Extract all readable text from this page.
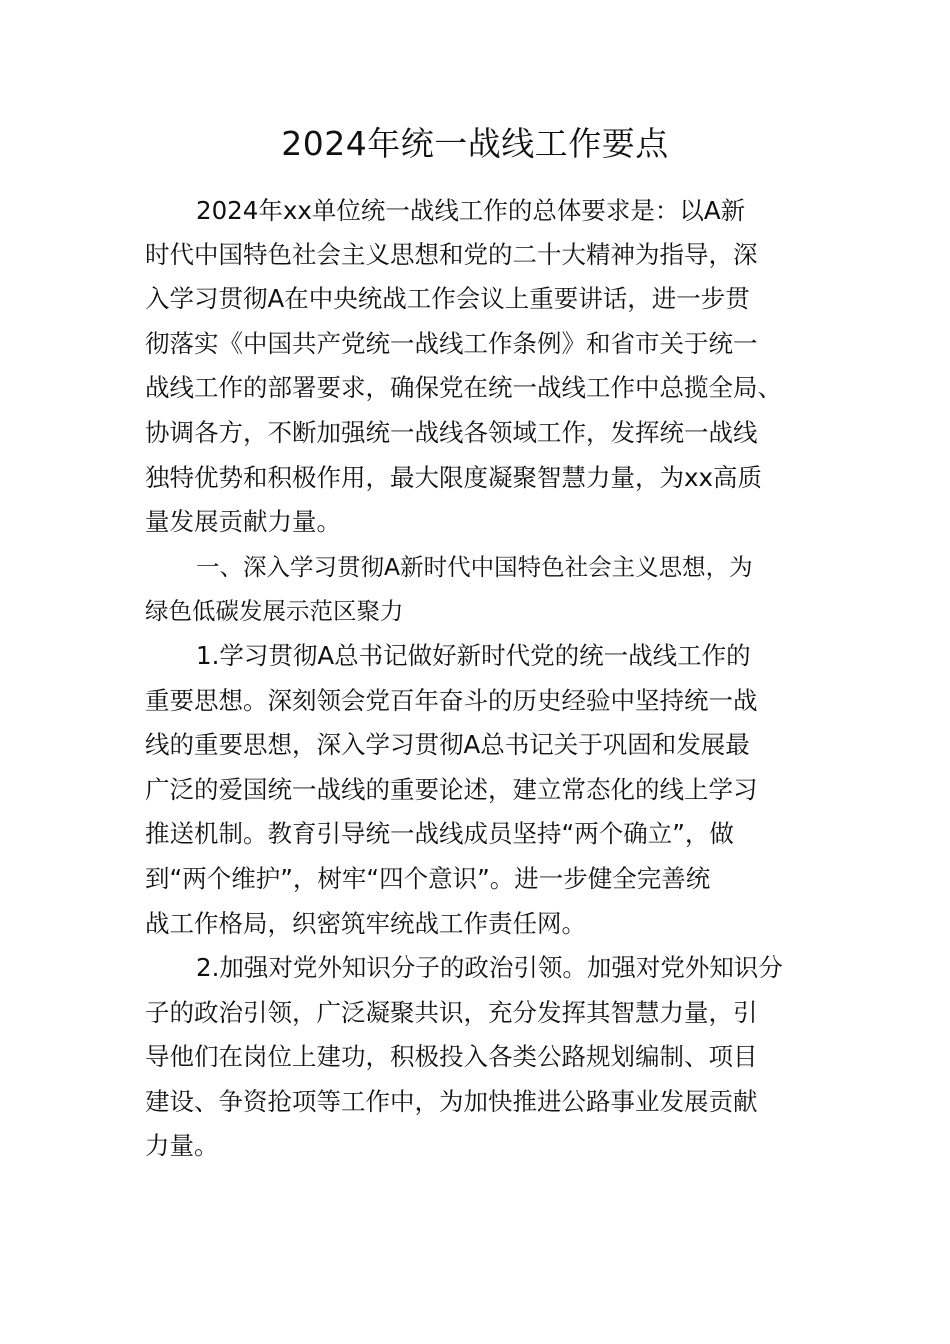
2024年统一战线工作要点

2024年xx单位统一战线工作的总体要求是：以A新

时代中国特色社会主义思想和党的二十大精神为指导，深

入学习贯彻A在中央统战工作会议上重要讲话，进一步贯

彻落实《中国共产党统一战线工作条例》和省市关于统一

战线工作的部署要求，确保党在统一战线工作中总揽全局、

协调各方，不断加强统一战线各领域工作，发挥统一战线

独特优势和积极作用，最大限度凝聚智慧力量，为xx高质

量发展贡献力量。

一、深入学习贯彻A新时代中国特色社会主义思想，为

绿色低碳发展示范区聚力

1.学习贯彻A总书记做好新时代党的统一战线工作的

重要思想。深刻领会党百年奋斗的历史经验中坚持统一战

线的重要思想，深入学习贯彻A总书记关于巩固和发展最

广泛的爱国统一战线的重要论述，建立常态化的线上学习

推送机制。教育引导统一战线成员坚持“两个确立”，做

到“两个维护”，树牢“四个意识”。进一步健全完善统

战工作格局，织密筑牢统战工作责任网。

2.加强对党外知识分子的政治引领。加强对党外知识分

子的政治引领，广泛凝聚共识，充分发挥其智慧力量，引

导他们在岗位上建功，积极投入各类公路规划编制、项目

建设、争资抢项等工作中，为加快推进公路事业发展贡献

力量。
